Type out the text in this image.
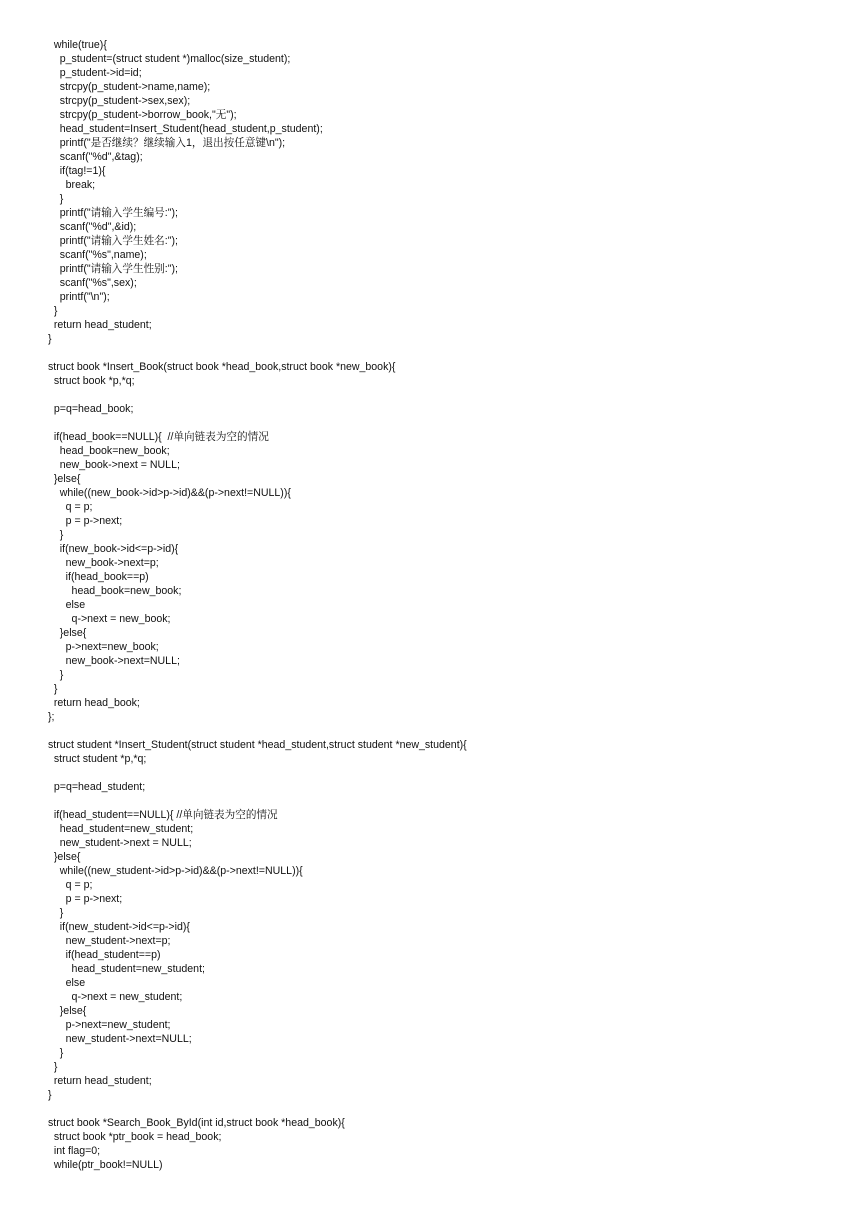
while(true){
p_student=(struct student *)malloc(size_student);
p_student->id=id;
strcpy(p_student->name,name);
strcpy(p_student->sex,sex);
strcpy(p_student->borrow_book,"无");
head_student=Insert_Student(head_student,p_student);
printf("是否继续？继续输入1，退出按任意键\n");
scanf("%d",&tag);
if(tag!=1){
break;
}
printf("请输入学生编号:");
scanf("%d",&id);
printf("请输入学生姓名:");
scanf("%s",name);
printf("请输入学生性别:");
scanf("%s",sex);
printf("\n");
}
return head_student;
}
struct book *Insert_Book(struct book *head_book,struct book *new_book){
struct book *p,*q;
p=q=head_book;
if(head_book==NULL){  //单向链表为空的情况
head_book=new_book;
new_book->next = NULL;
}else{
while((new_book->id>p->id)&&(p->next!=NULL)){
q = p;
p = p->next;
}
if(new_book->id<=p->id){
new_book->next=p;
if(head_book==p)
head_book=new_book;
else
q->next = new_book;
}else{
p->next=new_book;
new_book->next=NULL;
}
}
return head_book;
};
struct student *Insert_Student(struct student *head_student,struct student *new_student){
struct student *p,*q;
p=q=head_student;
if(head_student==NULL){ //单向链表为空的情况
head_student=new_student;
new_student->next = NULL;
}else{
while((new_student->id>p->id)&&(p->next!=NULL)){
q = p;
p = p->next;
}
if(new_student->id<=p->id){
new_student->next=p;
if(head_student==p)
head_student=new_student;
else
q->next = new_student;
}else{
p->next=new_student;
new_student->next=NULL;
}
}
return head_student;
}
struct book *Search_Book_ById(int id,struct book *head_book){
struct book *ptr_book = head_book;
int flag=0;
while(ptr_book!=NULL)
